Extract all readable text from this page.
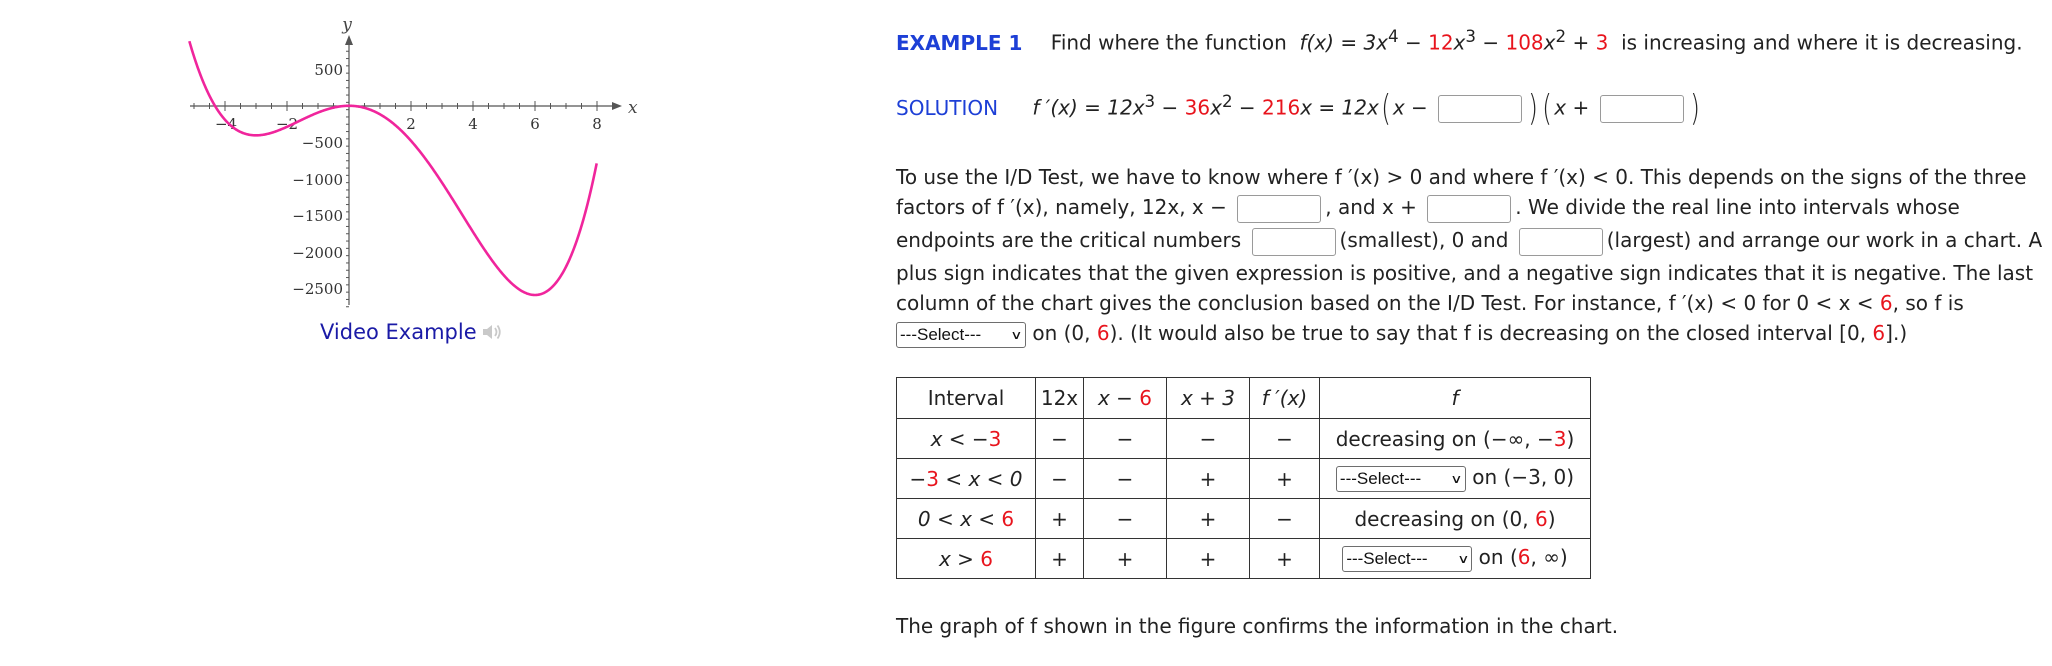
y
x
500
−500
−1000
−1500
−2000
−2500
−4	−2	2	4	6	8
Video Example
EXAMPLE 1 Find where the function $f(x) = 3x^4 - 12x^3 - 108x^2 + 3$ is increasing and where it is decreasing.
SOLUTION f $'(x) = 12x^3 - 36x^2 - 216x = 12x$( x −	) ( x +	)
To use the I/D Test, we have to know where f ′(x) > 0 and where f ′(x) < 0. This depends on the signs of the three
factors of f ′(x), namely, 12x, x −	, and x +	. We divide the real line into intervals whose
endpoints are the critical numbers	(smallest), 0 and	(largest) and arrange our work in a chart. A
plus sign indicates that the given expression is positive, and a negative sign indicates that it is negative. The last
column of the chart gives the conclusion based on the I/D Test. For instance, f ′(x) < 0 for 0 < x < 6, so f is
---Select--- ∨ on (0, 6). (It would also be true to say that f is decreasing on the closed interval [0, 6].)
Interval	12x	x − 6	x + 3	f ′(x)	f
x < −3	−	−	−	−	decreasing on (−∞, −3)
−3 < x < 0	−	−	+	+	---Select--- ∨ on (−3, 0)
0 < x < 6	+	−	+	−	decreasing on (0, 6)
x > 6	+	+	+	+	---Select--- ∨ on (6, ∞)
The graph of f shown in the figure confirms the information in the chart.
